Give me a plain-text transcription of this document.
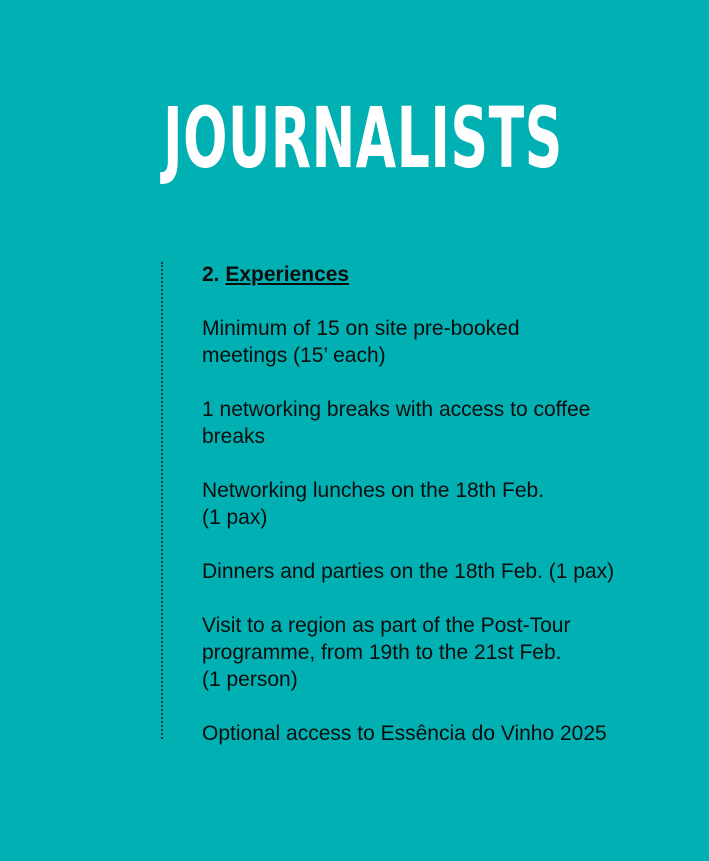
JOURNALISTS
2. Experiences
Minimum of 15 on site pre-booked
meetings (15’ each)
1 networking breaks with access to coffee
breaks
Networking lunches on the 18th Feb.
(1 pax)
Dinners and parties on the 18th Feb. (1 pax)
Visit to a region as part of the Post-Tour
programme, from 19th to the 21st Feb.
(1 person)
Optional access to Essência do Vinho 2025
